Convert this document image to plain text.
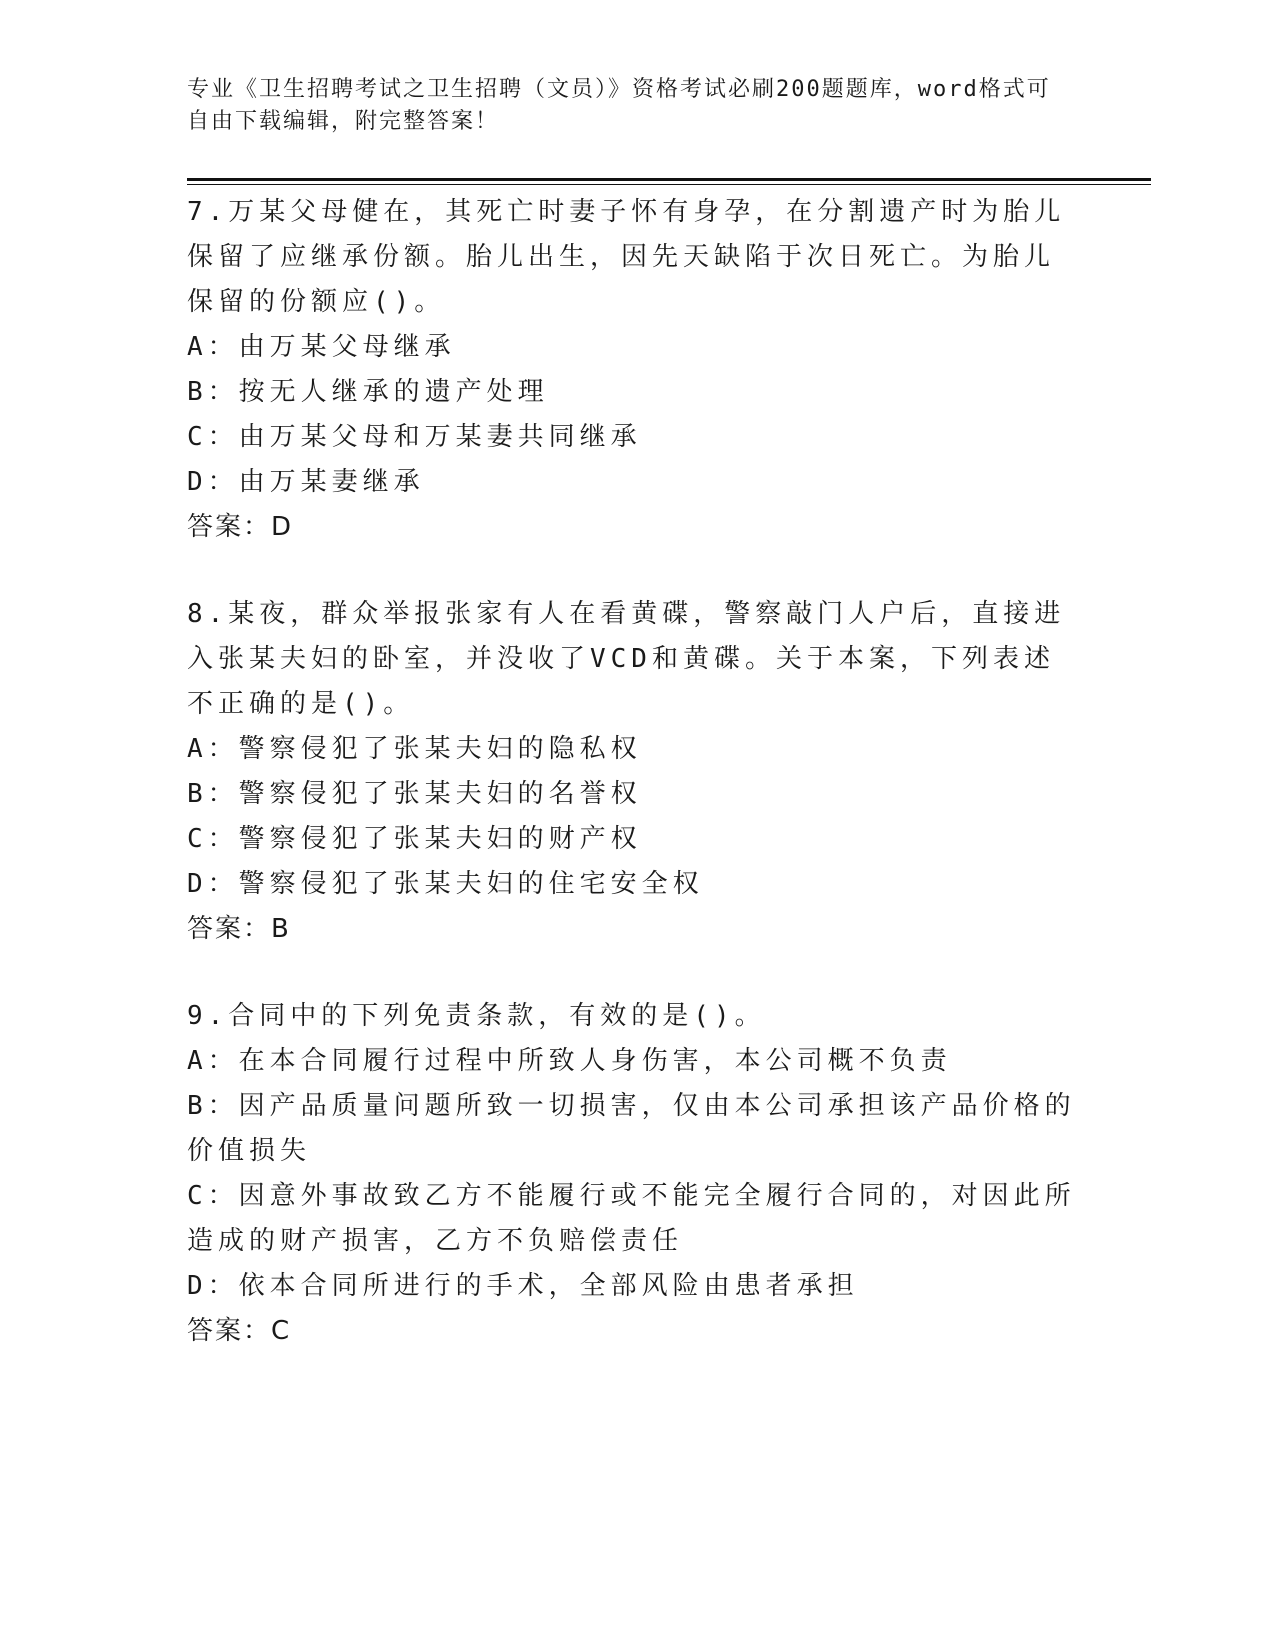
专业《卫生招聘考试之卫生招聘（文员）》资格考试必刷200题题库，word格式可自由下载编辑，附完整答案！

7.万某父母健在，其死亡时妻子怀有身孕，在分割遗产时为胎儿保留了应继承份额。胎儿出生，因先天缺陷于次日死亡。为胎儿保留的份额应()。

A：由万某父母继承

B：按无人继承的遗产处理

C：由万某父母和万某妻共同继承

D：由万某妻继承

答案：D

8.某夜，群众举报张家有人在看黄碟，警察敲门人户后，直接进入张某夫妇的卧室，并没收了VCD和黄碟。关于本案，下列表述不正确的是()。

A：警察侵犯了张某夫妇的隐私权

B：警察侵犯了张某夫妇的名誉权

C：警察侵犯了张某夫妇的财产权

D：警察侵犯了张某夫妇的住宅安全权

答案：B

9.合同中的下列免责条款，有效的是()。

A：在本合同履行过程中所致人身伤害，本公司概不负责

B：因产品质量问题所致一切损害，仅由本公司承担该产品价格的价值损失

C：因意外事故致乙方不能履行或不能完全履行合同的，对因此所造成的财产损害，乙方不负赔偿责任

D：依本合同所进行的手术，全部风险由患者承担

答案：C
